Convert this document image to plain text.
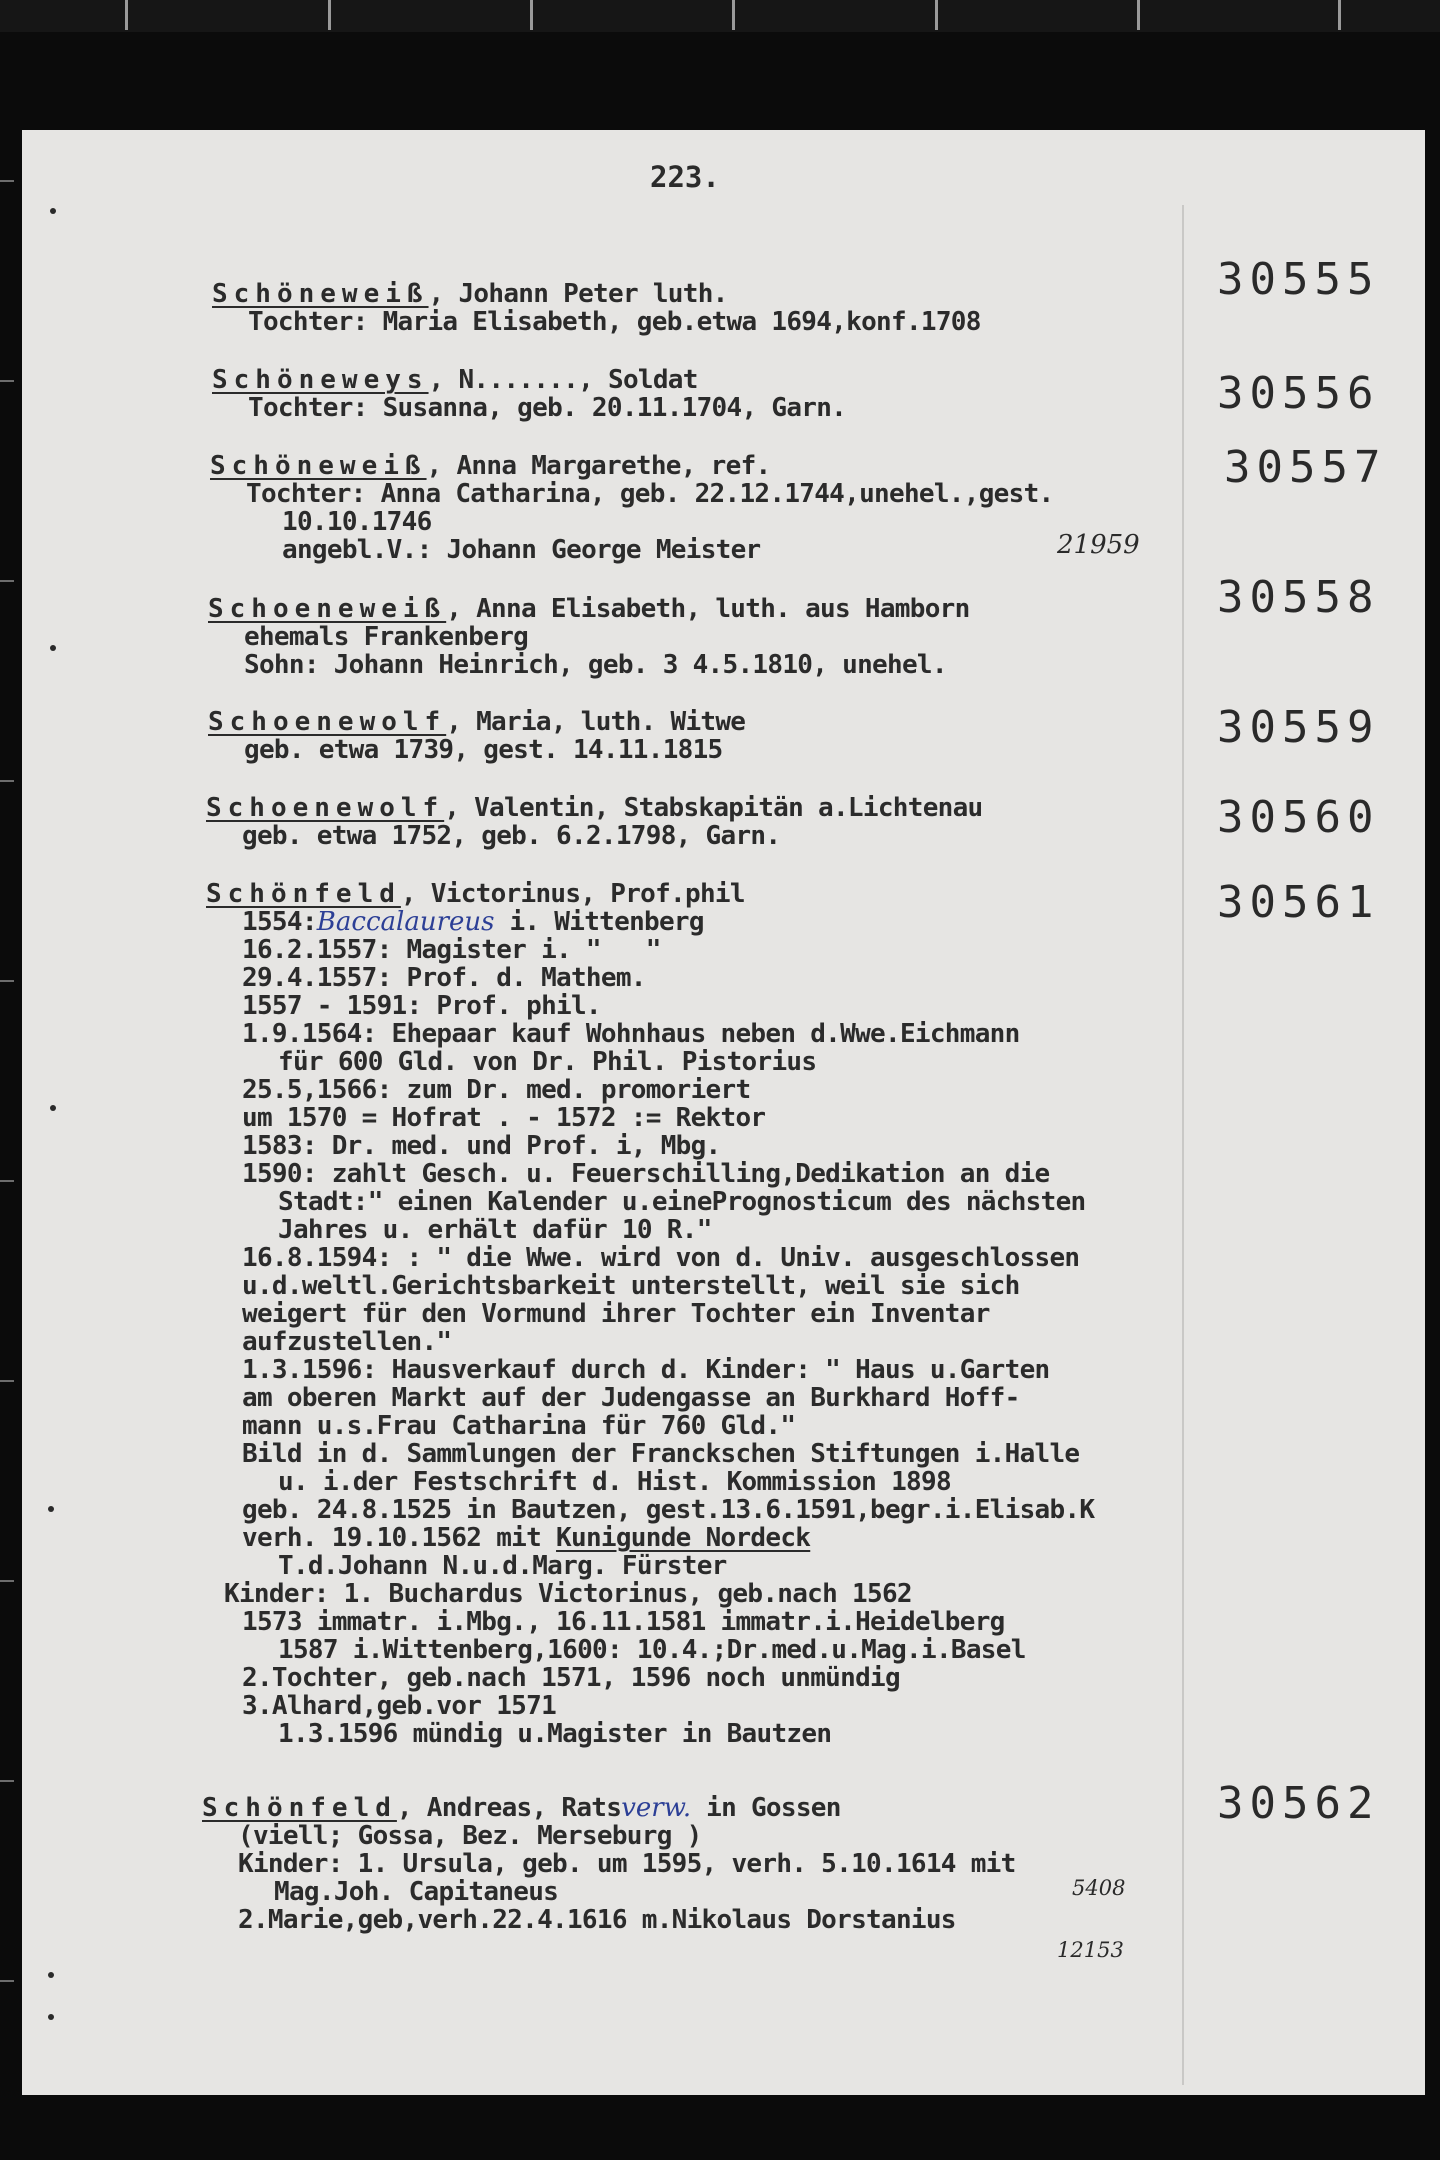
223.
30555
Schöneweiß, Johann Peter luth.
Tochter: Maria Elisabeth, geb.etwa 1694,konf.1708
30556
Schöneweys, N......., Soldat
Tochter: Susanna, geb. 20.11.1704, Garn.
30557
Schöneweiß, Anna Margarethe, ref.
Tochter: Anna Catharina, geb. 22.12.1744,unehel.,gest.
10.10.1746
angebl.V.: Johann George Meister	21959
30558
Schoeneweiß, Anna Elisabeth, luth. aus Hamborn
ehemals Frankenberg
Sohn: Johann Heinrich, geb. 3 4.5.1810, unehel.
30559
Schoenewolf, Maria, luth. Witwe
geb. etwa 1739, gest. 14.11.1815
30560
Schoenewolf, Valentin, Stabskapitän a.Lichtenau
geb. etwa 1752, geb. 6.2.1798, Garn.
30561
Schönfeld, Victorinus, Prof.phil
1554:Baccalaureus i. Wittenberg
16.2.1557: Magister i. "   "
29.4.1557: Prof. d. Mathem.
1557 - 1591: Prof. phil.
1.9.1564: Ehepaar kauf Wohnhaus neben d.Wwe.Eichmann
für 600 Gld. von Dr. Phil. Pistorius
25.5,1566: zum Dr. med. promoriert
um 1570 = Hofrat . - 1572 := Rektor
1583: Dr. med. und Prof. i, Mbg.
1590: zahlt Gesch. u. Feuerschilling,Dedikation an die
Stadt:" einen Kalender u.einePrognosticum des nächsten
Jahres u. erhält dafür 10 R."
16.8.1594: : " die Wwe. wird von d. Univ. ausgeschlossen
u.d.weltl.Gerichtsbarkeit unterstellt, weil sie sich
weigert für den Vormund ihrer Tochter ein Inventar
aufzustellen."
1.3.1596: Hausverkauf durch d. Kinder: " Haus u.Garten
am oberen Markt auf der Judengasse an Burkhard Hoff-
mann u.s.Frau Catharina für 760 Gld."
Bild in d. Sammlungen der Franckschen Stiftungen i.Halle
u. i.der Festschrift d. Hist. Kommission 1898
geb. 24.8.1525 in Bautzen, gest.13.6.1591,begr.i.Elisab.K
verh. 19.10.1562 mit Kunigunde Nordeck
T.d.Johann N.u.d.Marg. Fürster
Kinder: 1. Buchardus Victorinus, geb.nach 1562
1573 immatr. i.Mbg., 16.11.1581 immatr.i.Heidelberg
1587 i.Wittenberg,1600: 10.4.;Dr.med.u.Mag.i.Basel
2.Tochter, geb.nach 1571, 1596 noch unmündig
3.Alhard,geb.vor 1571
1.3.1596 mündig u.Magister in Bautzen
30562
Schönfeld, Andreas, Ratsverw. in Gossen
(viell; Gossa, Bez. Merseburg )
Kinder: 1. Ursula, geb. um 1595, verh. 5.10.1614 mit
Mag.Joh. Capitaneus
2.Marie,geb,verh.22.4.1616 m.Nikolaus Dorstanius
5408
12153
